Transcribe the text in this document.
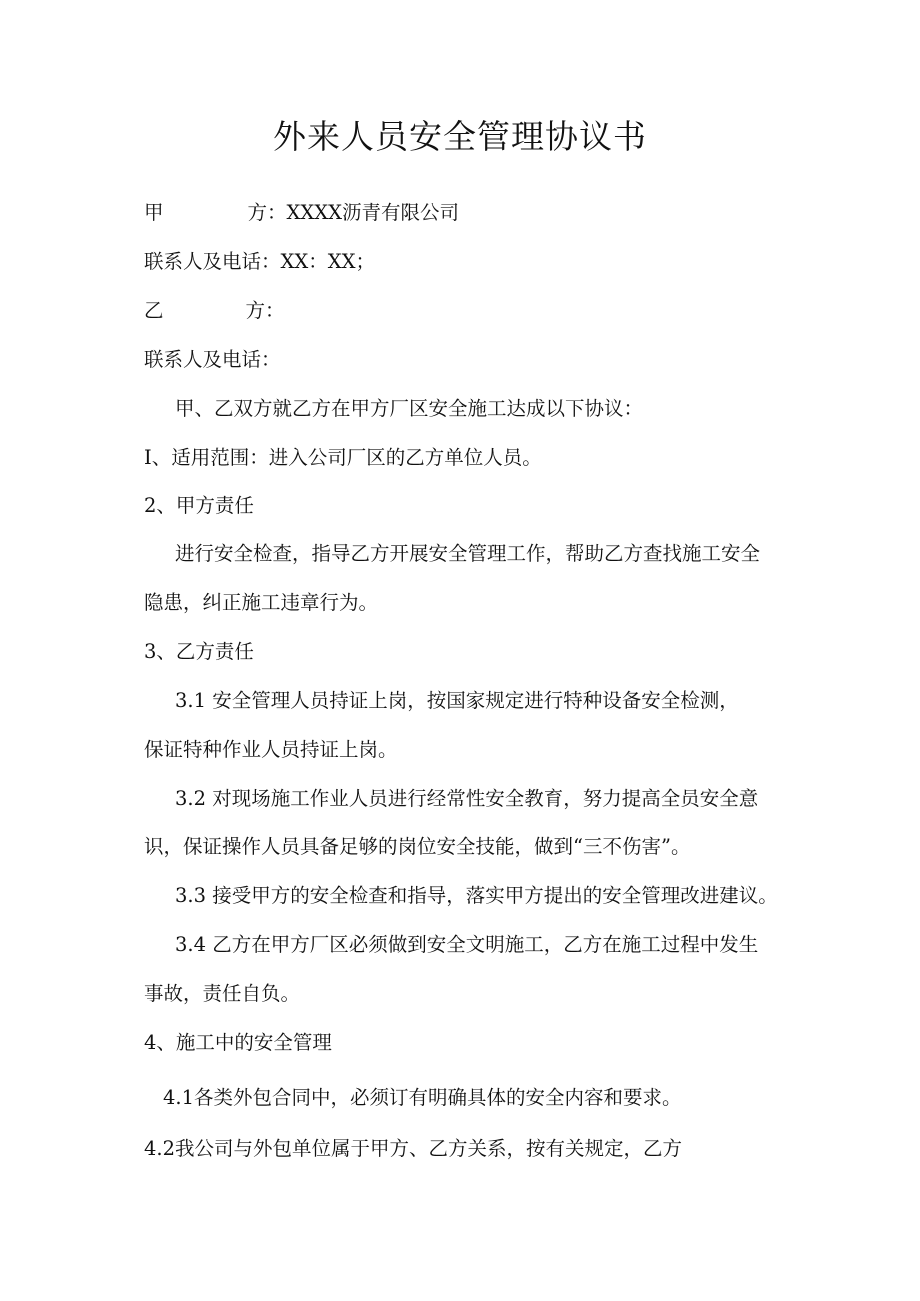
外来人员安全管理协议书
甲	方：XXXX沥青有限公司
联系人及电话：XX：XX；
乙	方：
联系人及电话：
甲、乙双方就乙方在甲方厂区安全施工达成以下协议：
I、适用范围：进入公司厂区的乙方单位人员。
2、甲方责任
进行安全检查，指导乙方开展安全管理工作，帮助乙方查找施工安全
隐患，纠正施工违章行为。
3、乙方责任
3.1 安全管理人员持证上岗，按国家规定进行特种设备安全检测，
保证特种作业人员持证上岗。
3.2 对现场施工作业人员进行经常性安全教育，努力提高全员安全意
识，保证操作人员具备足够的岗位安全技能，做到“三不伤害”。
3.3 接受甲方的安全检查和指导，落实甲方提出的安全管理改进建议。
3.4 乙方在甲方厂区必须做到安全文明施工，乙方在施工过程中发生
事故，责任自负。
4、施工中的安全管理
4.1各类外包合同中，必须订有明确具体的安全内容和要求。
4.2我公司与外包单位属于甲方、乙方关系，按有关规定，乙方
